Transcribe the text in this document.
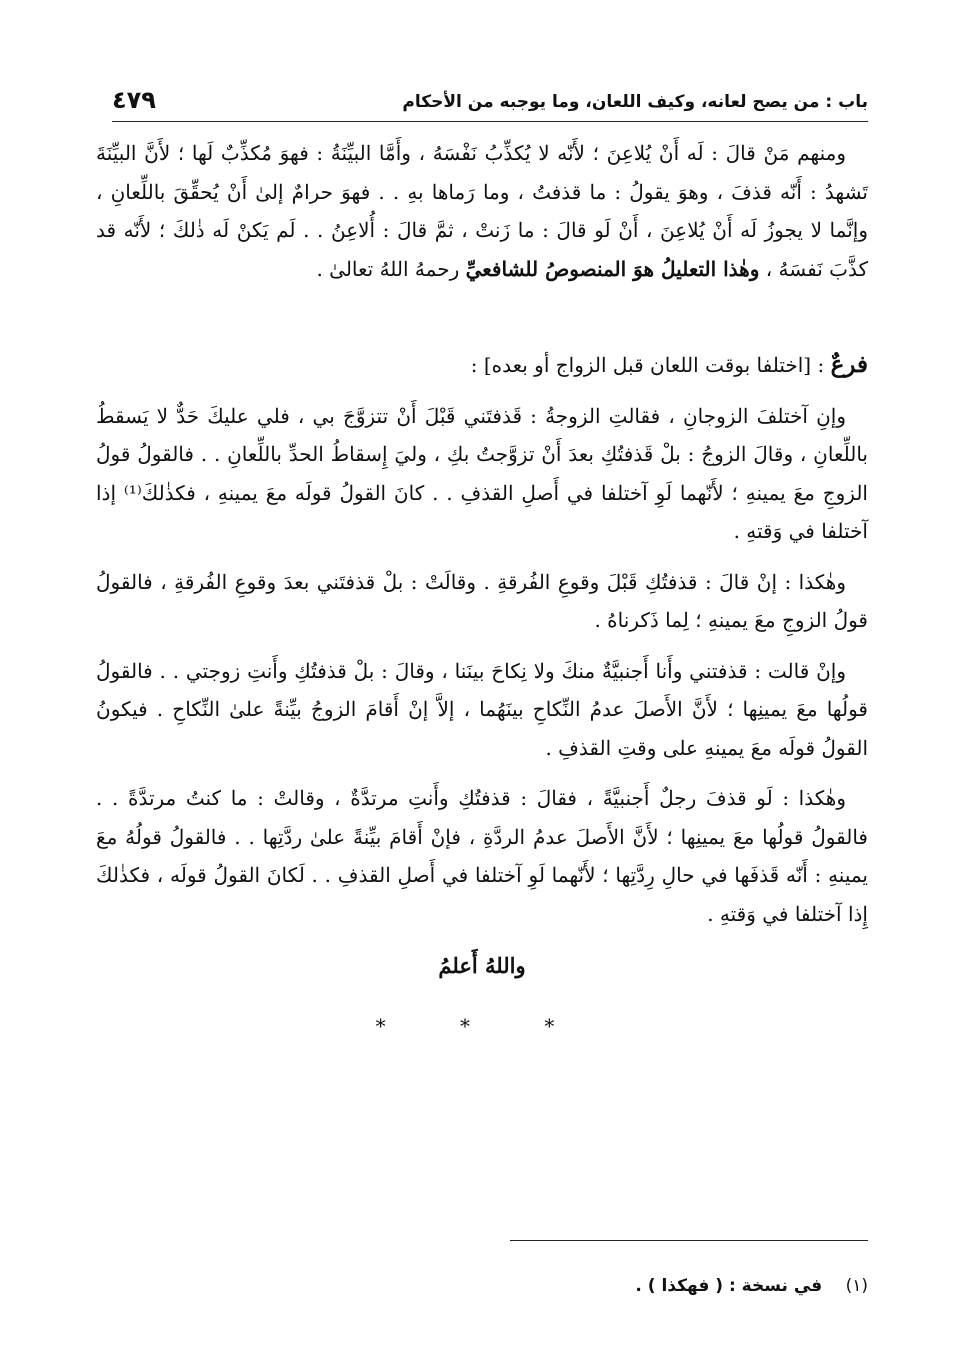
باب : من يصح لعانه، وكيف اللعان، وما يوجبه من الأحكام
٤٧٩

ومنهم مَنْ قالَ : لَه أَنْ يُلاعِنَ ؛ لأَنّه لا يُكذِّبُ نَفْسَهُ ، وأَمَّا البيِّنَةُ : فهوَ مُكذِّبٌ لَها ؛ لأَنَّ البيِّنَةَ تَشهدُ : أَنّه قذفَ ، وهوَ يقولُ : ما قذفتُ ، وما رَماها بهِ . . فهوَ حرامٌ إلىٰ أَنْ يُحقِّقَ باللِّعانِ ، وإنَّما لا يجوزُ لَه أَنْ يُلاعِنَ ، أَنْ لَو قالَ : ما زَنتْ ، ثمَّ قالَ : أُلاعِنُ . . لَم يَكنْ لَه ذٰلكَ ؛ لأَنّه قد كذَّبَ نَفسَهُ ، وهٰذا التعليلُ هوَ المنصوصُ للشافعيِّ رحمهُ اللهُ تعالىٰ .

فرعٌ : [اختلفا بوقت اللعان قبل الزواج أو بعده] :

وإنِ آختلفَ الزوجانِ ، فقالتِ الزوجةُ : قَذفتَني قَبْلَ أَنْ تتزوَّجَ بي ، فلي عليكَ حَدٌّ لا يَسقطُ باللِّعانِ ، وقالَ الزوجُ : بلْ قَذفتُكِ بعدَ أَنْ تزوَّجتُ بكِ ، وليَ إِسقاطُ الحدِّ باللِّعانِ . . فالقولُ قولُ الزوجِ معَ يمينهِ ؛ لأَنّهما لَوِ آختلفا في أَصلِ القذفِ . . كانَ القولُ قولَه معَ يمينهِ ، فكذٰلكَ⁽¹⁾ إذا آختلفا في وَقتهِ .

وهٰكذا : إنْ قالَ : قذفتُكِ قَبْلَ وقوعِ الفُرقةِ . وقالَتْ : بلْ قذفتَني بعدَ وقوعِ الفُرقةِ ، فالقولُ قولُ الزوجِ معَ يمينهِ ؛ لِما ذَكرناهُ .

وإنْ قالت : قذفتني وأَنا أَجنبيَّةٌ منكَ ولا نِكاحَ بينَنا ، وقالَ : بلْ قذفتُكِ وأَنتِ زوجتي . . فالقولُ قولُها معَ يمينِها ؛ لأَنَّ الأَصلَ عدمُ النِّكاحِ بينَهُما ، إلاَّ إنْ أَقامَ الزوجُ بيِّنةً علىٰ النِّكاحِ . فيكونُ القولُ قولَه معَ يمينهِ على وقتِ القذفِ .

وهٰكذا : لَو قذفَ رجلٌ أَجنبيَّةً ، فقالَ : قذفتُكِ وأَنتِ مرتدَّةٌ ، وقالتْ : ما كنتُ مرتدَّةً . . فالقولُ قولُها معَ يمينِها ؛ لأَنَّ الأَصلَ عدمُ الردَّةِ ، فإنْ أَقامَ بيِّنةً علىٰ ردَّتِها . . فالقولُ قولُهُ معَ يمينهِ : أَنّه قَذفَها في حالِ رِدَّتِها ؛ لأَنّهما لَوِ آختلفا في أَصلِ القذفِ . . لَكانَ القولُ قولَه ، فكذٰلكَ إِذا آختلفا في وَقتهِ .

واللهُ أَعلمُ

* * *

(١) في نسخة : ( فهكذا ) .
